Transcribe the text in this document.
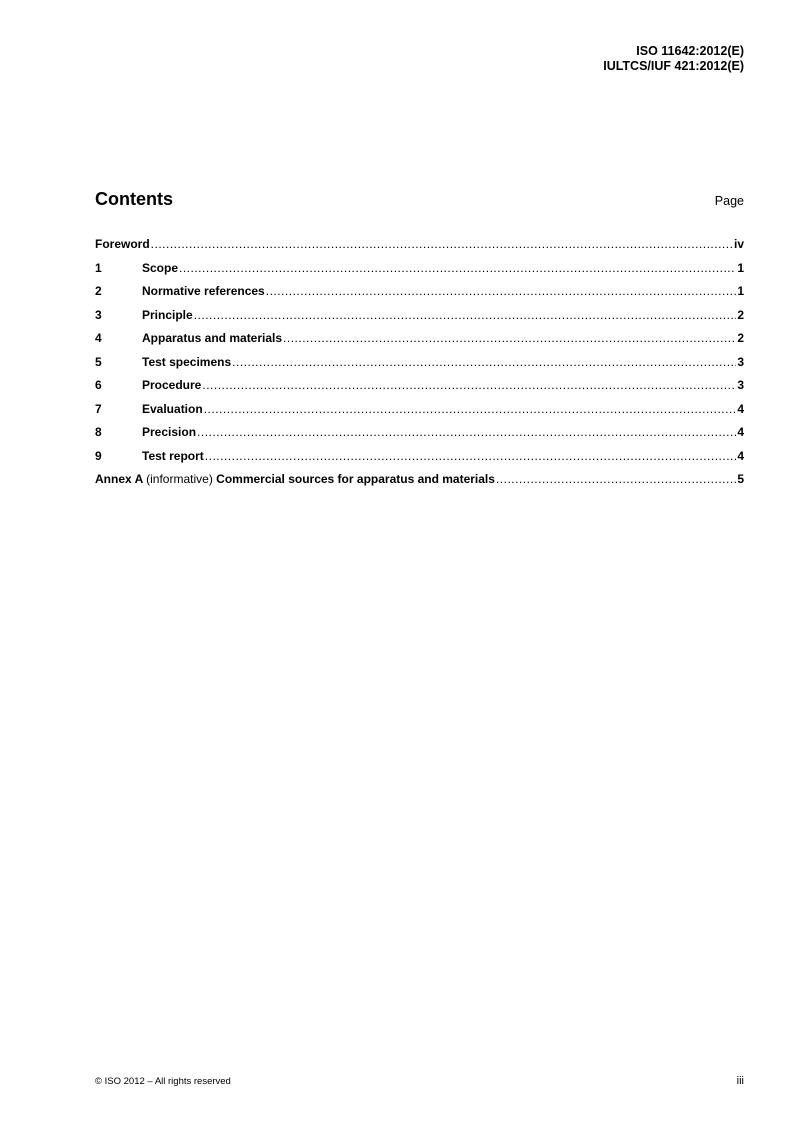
ISO 11642:2012(E)
IULTCS/IUF 421:2012(E)
Contents	Page
Foreword .....	iv
1	Scope .....	1
2	Normative references .....	1
3	Principle .....	2
4	Apparatus and materials .....	2
5	Test specimens .....	3
6	Procedure .....	3
7	Evaluation .....	4
8	Precision .....	4
9	Test report .....	4
Annex A (informative) Commercial sources for apparatus and materials .....	5
© ISO 2012 – All rights reserved	iii
